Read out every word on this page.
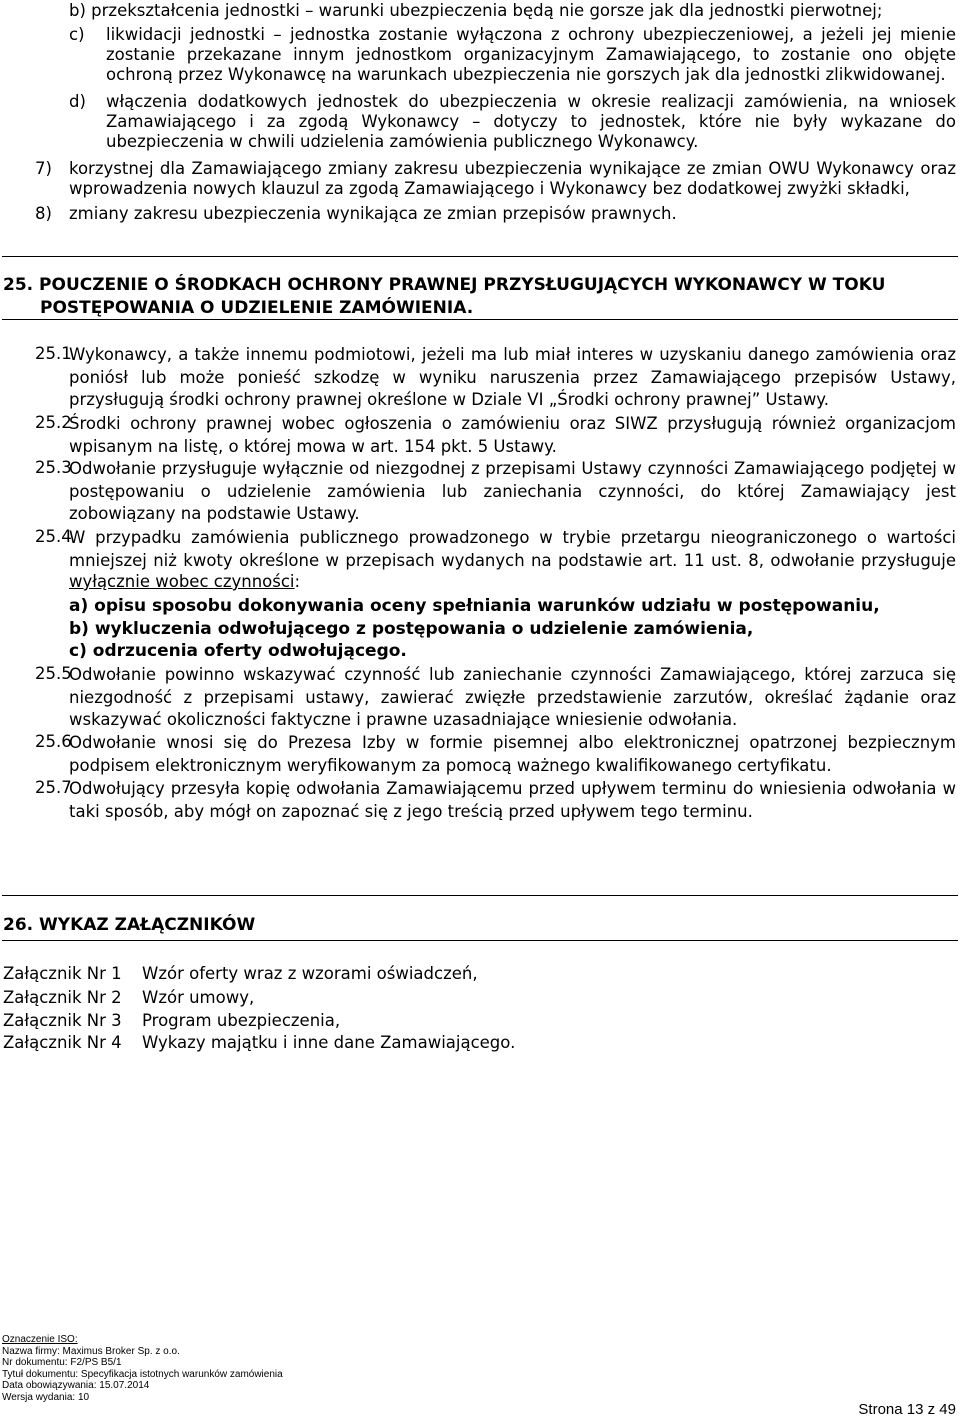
b) przekształcenia jednostki – warunki ubezpieczenia będą nie gorsze jak dla jednostki pierwotnej;
c) likwidacji jednostki – jednostka zostanie wyłączona z ochrony ubezpieczeniowej, a jeżeli jej mienie
zostanie przekazane innym jednostkom organizacyjnym Zamawiającego, to zostanie ono objęte
ochroną przez Wykonawcę na warunkach ubezpieczenia nie gorszych jak dla jednostki zlikwidowanej.
d) włączenia dodatkowych jednostek do ubezpieczenia w okresie realizacji zamówienia, na wniosek
Zamawiającego i za zgodą Wykonawcy – dotyczy to jednostek, które nie były wykazane do
ubezpieczenia w chwili udzielenia zamówienia publicznego Wykonawcy.
7) korzystnej dla Zamawiającego zmiany zakresu ubezpieczenia wynikające ze zmian OWU Wykonawcy oraz
wprowadzenia nowych klauzul za zgodą Zamawiającego i Wykonawcy bez dodatkowej zwyżki składki,
8) zmiany zakresu ubezpieczenia wynikająca ze zmian przepisów prawnych.
25. POUCZENIE O ŚRODKACH OCHRONY PRAWNEJ PRZYSŁUGUJĄCYCH WYKONAWCY W TOKU
POSTĘPOWANIA O UDZIELENIE ZAMÓWIENIA.
25.1
Wykonawcy, a także innemu podmiotowi, jeżeli ma lub miał interes w uzyskaniu danego zamówienia oraz
poniósł lub może ponieść szkodzę w wyniku naruszenia przez Zamawiającego przepisów Ustawy,
przysługują środki ochrony prawnej określone w Dziale VI „Środki ochrony prawnej” Ustawy.
25.2
Środki ochrony prawnej wobec ogłoszenia o zamówieniu oraz SIWZ przysługują również organizacjom
wpisanym na listę, o której mowa w art. 154 pkt. 5 Ustawy.
25.3
Odwołanie przysługuje wyłącznie od niezgodnej z przepisami Ustawy czynności Zamawiającego podjętej w
postępowaniu o udzielenie zamówienia lub zaniechania czynności, do której Zamawiający jest
zobowiązany na podstawie Ustawy.
25.4
W przypadku zamówienia publicznego prowadzonego w trybie przetargu nieograniczonego o wartości
mniejszej niż kwoty określone w przepisach wydanych na podstawie art. 11 ust. 8, odwołanie przysługuje
wyłącznie wobec czynności:
a) opisu sposobu dokonywania oceny spełniania warunków udziału w postępowaniu,
b) wykluczenia odwołującego z postępowania o udzielenie zamówienia,
c) odrzucenia oferty odwołującego.
25.5
Odwołanie powinno wskazywać czynność lub zaniechanie czynności Zamawiającego, której zarzuca się
niezgodność z przepisami ustawy, zawierać zwięzłe przedstawienie zarzutów, określać żądanie oraz
wskazywać okoliczności faktyczne i prawne uzasadniające wniesienie odwołania.
25.6
Odwołanie wnosi się do Prezesa Izby w formie pisemnej albo elektronicznej opatrzonej bezpiecznym
podpisem elektronicznym weryfikowanym za pomocą ważnego kwalifikowanego certyfikatu.
25.7
Odwołujący przesyła kopię odwołania Zamawiającemu przed upływem terminu do wniesienia odwołania w
taki sposób, aby mógł on zapoznać się z jego treścią przed upływem tego terminu.
26. WYKAZ ZAŁĄCZNIKÓW
Załącznik Nr 1 Wzór oferty wraz z wzorami oświadczeń,
Załącznik Nr 2 Wzór umowy,
Załącznik Nr 3 Program ubezpieczenia,
Załącznik Nr 4 Wykazy majątku i inne dane Zamawiającego.
Oznaczenie ISO:
Nazwa firmy: Maximus Broker Sp. z o.o.
Nr dokumentu: F2/PS B5/1
Tytuł dokumentu: Specyfikacja istotnych warunków zamówienia
Data obowiązywania: 15.07.2014
Wersja wydania: 10
Strona 13 z 49
